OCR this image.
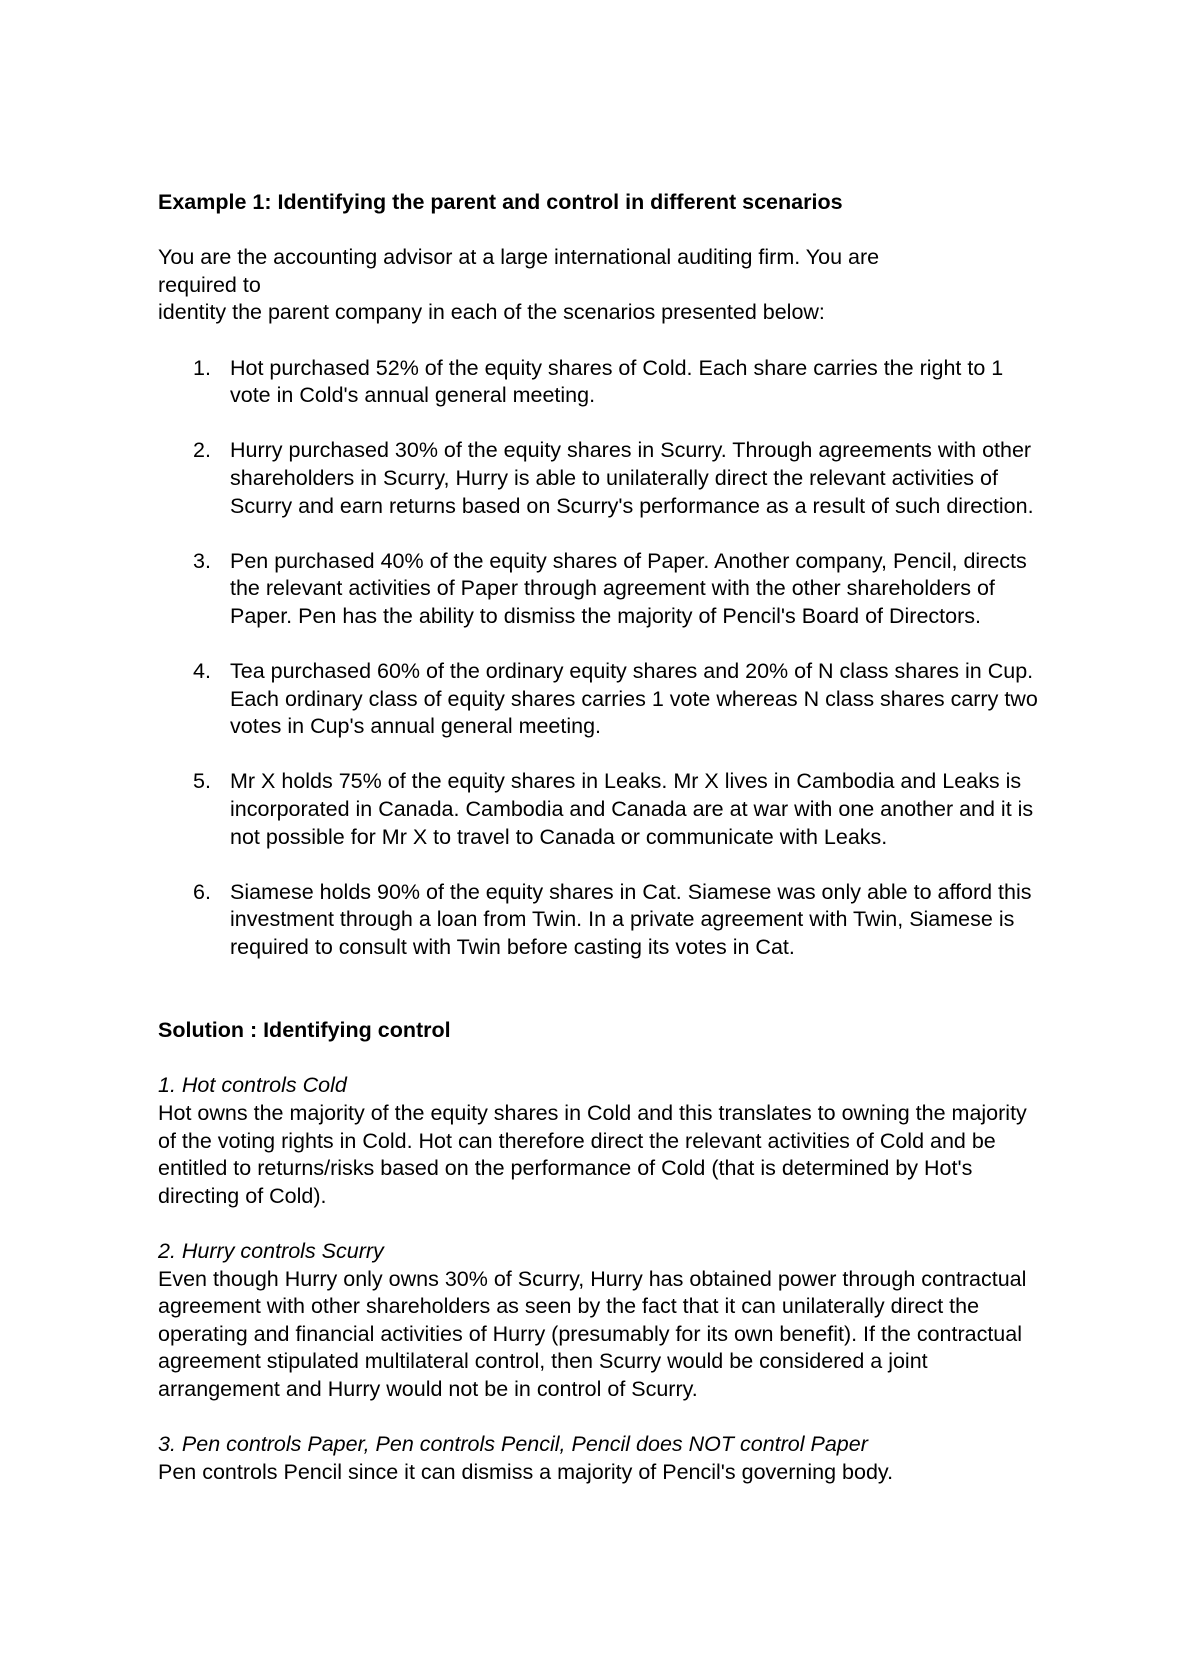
Example 1: Identifying the parent and control in different scenarios

You are the accounting advisor at a large international auditing firm. You are
required to
identity the parent company in each of the scenarios presented below:

1. Hot purchased 52% of the equity shares of Cold. Each share carries the right to 1 vote in Cold's annual general meeting.
2. Hurry purchased 30% of the equity shares in Scurry. Through agreements with other shareholders in Scurry, Hurry is able to unilaterally direct the relevant activities of Scurry and earn returns based on Scurry's performance as a result of such direction.
3. Pen purchased 40% of the equity shares of Paper. Another company, Pencil, directs the relevant activities of Paper through agreement with the other shareholders of Paper. Pen has the ability to dismiss the majority of Pencil's Board of Directors.
4. Tea purchased 60% of the ordinary equity shares and 20% of N class shares in Cup. Each ordinary class of equity shares carries 1 vote whereas N class shares carry two votes in Cup's annual general meeting.
5. Mr X holds 75% of the equity shares in Leaks. Mr X lives in Cambodia and Leaks is incorporated in Canada. Cambodia and Canada are at war with one another and it is not possible for Mr X to travel to Canada or communicate with Leaks.
6. Siamese holds 90% of the equity shares in Cat. Siamese was only able to afford this investment through a loan from Twin. In a private agreement with Twin, Siamese is required to consult with Twin before casting its votes in Cat.

Solution : Identifying control

1. Hot controls Cold
Hot owns the majority of the equity shares in Cold and this translates to owning the majority of the voting rights in Cold. Hot can therefore direct the relevant activities of Cold and be entitled to returns/risks based on the performance of Cold (that is determined by Hot's directing of Cold).
2. Hurry controls Scurry
Even though Hurry only owns 30% of Scurry, Hurry has obtained power through contractual agreement with other shareholders as seen by the fact that it can unilaterally direct the operating and financial activities of Hurry (presumably for its own benefit). If the contractual agreement stipulated multilateral control, then Scurry would be considered a joint arrangement and Hurry would not be in control of Scurry.
3. Pen controls Paper, Pen controls Pencil, Pencil does NOT control Paper
Pen controls Pencil since it can dismiss a majority of Pencil's governing body.
